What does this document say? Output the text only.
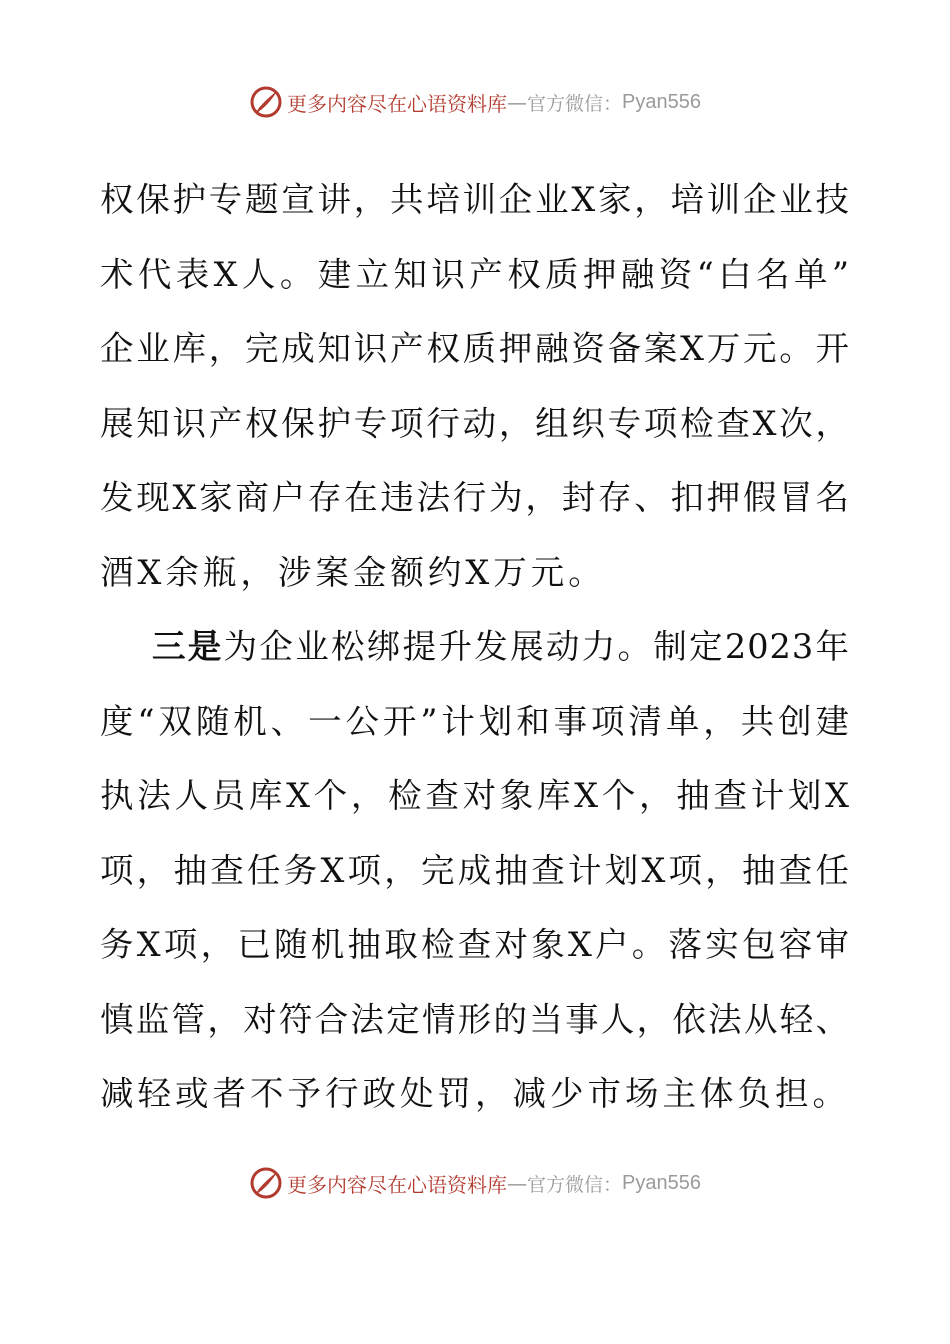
更多内容尽在心语资料库 — 官方微信： Pyan556
权保护专题宣讲，共培训企业X家，培训企业技
术代表X人。建立知识产权质押融资“白名单”
企业库，完成知识产权质押融资备案X万元。开
展知识产权保护专项行动，组织专项检查X次，
发现X家商户存在违法行为，封存、扣押假冒名
酒X余瓶，涉案金额约X万元。
三是为企业松绑提升发展动力。制定2023年
度“双随机、一公开”计划和事项清单，共创建
执法人员库X个，检查对象库X个，抽查计划X
项，抽查任务X项，完成抽查计划X项，抽查任
务X项，已随机抽取检查对象X户。落实包容审
慎监管，对符合法定情形的当事人，依法从轻、
减轻或者不予行政处罚，减少市场主体负担。
更多内容尽在心语资料库 — 官方微信： Pyan556
